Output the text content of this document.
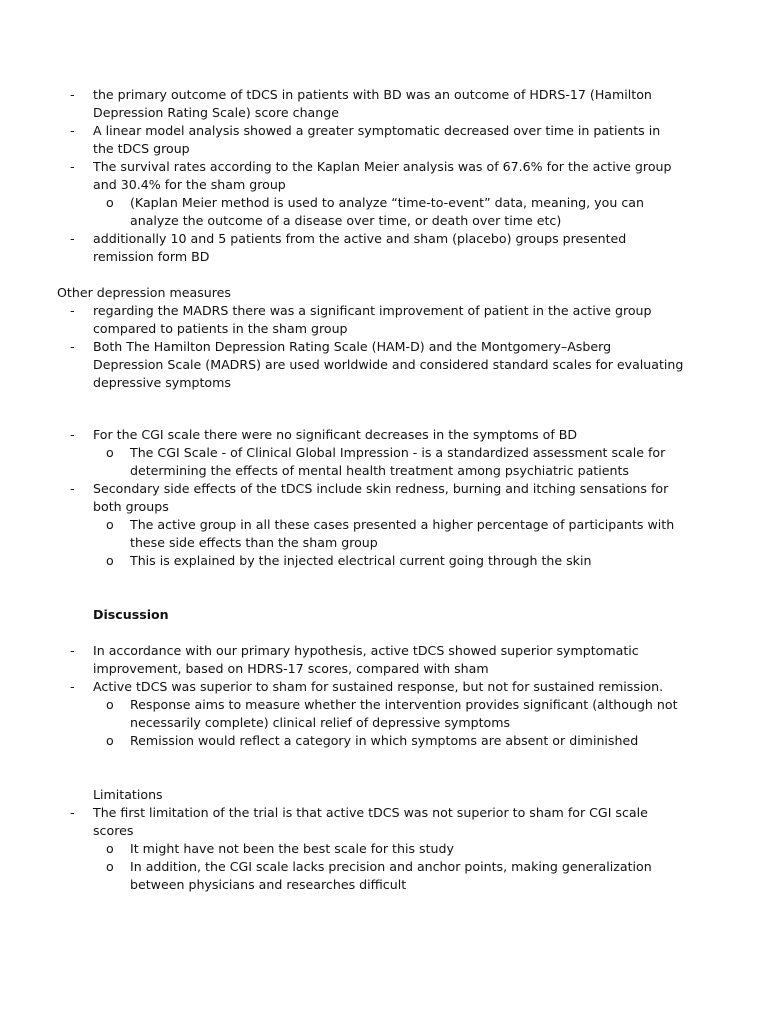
- the primary outcome of tDCS in patients with BD was an outcome of HDRS-17 (Hamilton Depression Rating Scale) score change
- A linear model analysis showed a greater symptomatic decreased over time in patients in the tDCS group
- The survival rates according to the Kaplan Meier analysis was of 67.6% for the active group and 30.4% for the sham group
o (Kaplan Meier method is used to analyze “time-to-event” data, meaning, you can analyze the outcome of a disease over time, or death over time etc)
- additionally 10 and 5 patients from the active and sham (placebo) groups presented remission form BD
Other depression measures
- regarding the MADRS there was a significant improvement of patient in the active group compared to patients in the sham group
- Both The Hamilton Depression Rating Scale (HAM-D) and the Montgomery–Asberg Depression Scale (MADRS) are used worldwide and considered standard scales for evaluating depressive symptoms
- For the CGI scale there were no significant decreases in the symptoms of BD
o The CGI Scale - of Clinical Global Impression - is a standardized assessment scale for determining the effects of mental health treatment among psychiatric patients
- Secondary side effects of the tDCS include skin redness, burning and itching sensations for both groups
o The active group in all these cases presented a higher percentage of participants with these side effects than the sham group
o This is explained by the injected electrical current going through the skin
Discussion
- In accordance with our primary hypothesis, active tDCS showed superior symptomatic improvement, based on HDRS-17 scores, compared with sham
- Active tDCS was superior to sham for sustained response, but not for sustained remission.
o Response aims to measure whether the intervention provides significant (although not necessarily complete) clinical relief of depressive symptoms
o Remission would reflect a category in which symptoms are absent or diminished
Limitations
- The first limitation of the trial is that active tDCS was not superior to sham for CGI scale scores
o It might have not been the best scale for this study
o In addition, the CGI scale lacks precision and anchor points, making generalization between physicians and researches difficult
